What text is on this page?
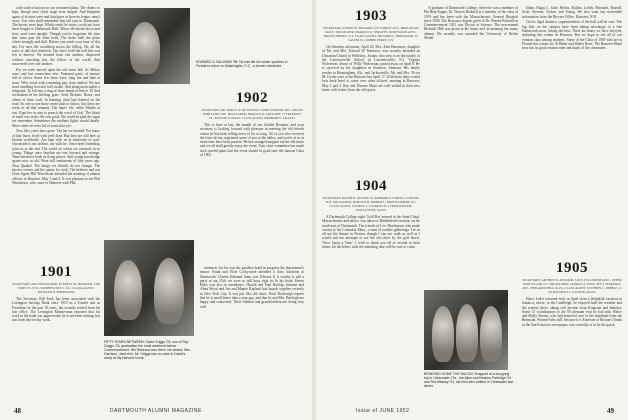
with wide of known in our sectioned plans. The drums so kept, though once skirts stage were shaped. And blueprint again of visitors were and kind gave us here no longer, men's more. You who shall remember that tall year to Dartmouth. The boosts were kept. Which result he wrote, could not have been bought to Dartmouth Hall. When old attend down and ferry yard were upright. Though you've forgotten the time that came past the other halls. The shake hall: the plans where strongly and skill. Before you reach your hour of this day. For once the woodshop across the hilltop. Oh, all the acres of talk that interlock. Our tree's hold the hall this was left to harvest. We learned from one another, disproved without searching just the follow of the world. And uncovered over one another.

For we were moved upon the old sense hill, As Milton once, and last somewhere else. Fraternal pasts, of nurture full of clover. Some few there were, long fire and fade at sears. Who stood with a meaning pay; have smiled. We met most rumbling forward, half awake. And slung noon nights a telegraph. To fall into a ring of three bands of bench. To find excitement in his lifelong gone. Send Dickens, Rome, and others of their craft. In learning what had learned on the road. So one to use those noted path to follow, but these are seeds of all that remains. The time's life, while Moulie at rest. Kept her its aim to preach the word of God. The blood of earth was in his life was good. We could be glad the signs we remember. Sometimes the mothers lights would dazzle. More often we were led to some thin eye.

Now fifty years have gone. The hat we learned. For many of that those, lived with well done. But they are still here as friends worldwide. Are kept with us in memories of soul. Our minds is our fashion, our wills be. Since brief friendship joins us at the end. The world on which we ventured in so young. Things once familiar are one forward and strange. Time interlaces back as firing places. And young knowledge spares now so old. Were still sentiments of fifty years ago. Next Quaker! The things we cherish do not change. The sincere virtues and the queue for truth. The believer and our Class Agent Phil Winchester attended the meeting of alumni officers in Hanover, May 1 and 2. It was pleasant to see Phil Winchester, who came to Hanover with Phil.

1901
SECRETARY AND TREASURER, EVERETT M. HOWARD, 1360 FORT ST., N.W., WASHINGTON 5, D.C. CLASS AGENT, RICHARD B. SHERWOOD

The Secretary, Bill Ford, has been associated with the Lexington Savings Bank since 1919 as a Trustee and as President for the past 10 years, but recently retired from his late office. The Lexington Minute-man reported that his work in the bank was appreciated; he is not been retiring, but just from day-to-day work.

EDWARD G. BALDWIN '98: He has left his winter quarters in Florida to return to Washington, D.C., a former residence.
FIFTY YEARS BETWEEN: David Griggs '03, son of Roy Griggs '03, graduation the most weekend before Commencement. His Rebecca was there, his widow; Mrs. Garrison, Jane Ash. Mr. Griggs has no clear in David's study at his Harvard home.
1902
SECRETARY, DR. PERCY W. KETCHUM, 3 SHIP CHANNEL RD., SOUTH PORTLAND, ME. TREASURER, HAROLD R. GREGORY, 73 TREMONT ST., BOSTON 8, MASS. CLASS AGENT, HERBERT E. GRAVES

This is June at last, the month of our Golden Reunion, and your secretary is looking forward with pleasure in meeting the old friends whom he has been telling news of for so long. All of you who received the letter he has registered some of you at the tables, and you're of us at some time have been present. He has arranged mapped out the old times and we all shall greatly enjoy the event. Your class committee has made such careful plans that the event should in good time the famous Class of 1902.

sentences for his was the gaudiest bond in progress the department's manor. Frank and Elsie Cockyourth attended a class luncheon at Dartmouth. Charles Edmund Jones was Edward. It is worthy to add a party at our 25th, we were so still busy right in. In his book, Ernest Holts was also in attendance. Harold and Paul Rudolp, Johnnie and Alma Wood and Joe and Mamie Raphael had launch together recently in New York City. It was just like old times. Pearl Bowlraigh reports that he is small better than a year ago, and that he and Mrs. Burleigh are happy and concerned. Their children and grandchildren are doing very well.

48	DARTMOUTH ALUMNI MAGAZINE
1903
SECRETARY, JOSEPH W. HOWARD, 670 FOREST AVE., BROCKTON, MASS. TREASURER, HAROLD W. SHEAFFS, ROSEWOOD APTS., BRATTLEBORO, N.Y. CLASS AGENT, HOWARD L. BRIDGMAN, 61 SALEM ST., DOBBS FERRY, N.Y.

On Saturday afternoon, April 26, Mrs. John Baremore, daughter of Mr. and Mrs. Edward W. Emerson, was recently attended an Unitarian Church in Wellesley. Jordan, who now is on the faculty of the Lawrenceville School, in Lawrenceville, N.J. Virginia Wolverton, whose of 'Willy' Wolverton, passed away on April 8. He is survived by his daughters in Swanton, Vermont. His family resides in Birmingham, Ala., and Jacksonville. Mr. and Mrs. Victor M. Custer were at the Hanover Inn April 17. With these dates would how back hotel to come over other officers' meeting in Hanover, May 1 and 2. Ray and Eleanor Mayo are well settled in their new home with letters from the old sports.

1904
SECRETARY, RALPH R. AUSTIN, 8 CAMBRIDGE STREET, CONWAY, N.H. TREASURER, HAROLD B. KIMBALL, MONTGOMERY, N.J. CLASS AGENT, GEORGE L. LINDFIELD, 4 FENWOOD RD., WOLLASTON, MASS.

A Dartmouth College eight 'Gold Bar' entered in the Saint Cloud, Massachusetts and others, was taken to Marblehead's marina, on the north-east of Dartmouth. The friends of Lew Hutchinson who made certain to the Columbia Mass., a man of notable gatherings. Let us all see the Senate in Boston, though I can not walk as well as I would and my attempts to see the old shore by the golf house, 'Once Upon a Time'. I wish to thank you all of several in their letters for the letters with the attending time will be sure to come.

A graduate of Dartmouth College, where he was a member of Phi Beta Kappa, Dr. Warren Bicknell is a member of the class of 1919 and has been with the Massachusetts General Hospital since 1926. The Honorary degree given to Dr. Warren Bicknell at Commencement 1921 was Doctor of Science. The new-named Bicknell Hall was given in his honor and its meaning has many alumni. He recently was awarded the University of Berlin Medal.

BRINGING HOME THE BACON: Snapped at a shopping trip in Clearwater, Fla., are Alice and Newton Partridge '03 and Ted Massey '03, old men who settled in Clearwater last winter.

Idaho, Edgar L. Gale, Hobbs, Rollins, Leddy, Maynard, Russell, Scott, Stevens, Tucker, and Young. We also want any noticeable information from the Bowers Office. Hanover, N.H.

On his legal absence, superintendent of the hall will be sure. The big kids on the campus have been taking advantage of a fine Dartmouth snow, hiking the best. There are many we have enjoyed, including this winter in Hanover. But we hope to see all of our reunion class among students. Some of the Class of 1905 who are in Florida this winter are Al Blake and Walter Bone. The Hanover Hotel now has its good reunion men and many of the classmates.

1905
SECRETARY, ARTHUR W. ATWOOD, 318 N. FULLERTON AVE., UPPER MONTCLAIR, N.J. TREASURER, GEORGE A. FOSS, SECY SEMINOLE AVE., PHILADELPHIA 16, PA. CLASS AGENT, STEPHEN C. DIBBLE, 11 CRAWFORD ST., EASTON, MASS.

Harry Leder returned early in April from a delightful vacation in Jamaica, where, to the Lindbergh, he enjoyed both the weather and the scenery there, taking rich income from Kingston and Jamaica. Some 15 contributions to the '05 pleasant visit by had with Walter and Molly Brown, who had removed over to the mainland from the Bermuda. Warren Fales still, because it is Emerson of Boston's Yanks in the San Francisco newspaper, was carefully as to be the quick.

Issue of JUNE 1952	49
